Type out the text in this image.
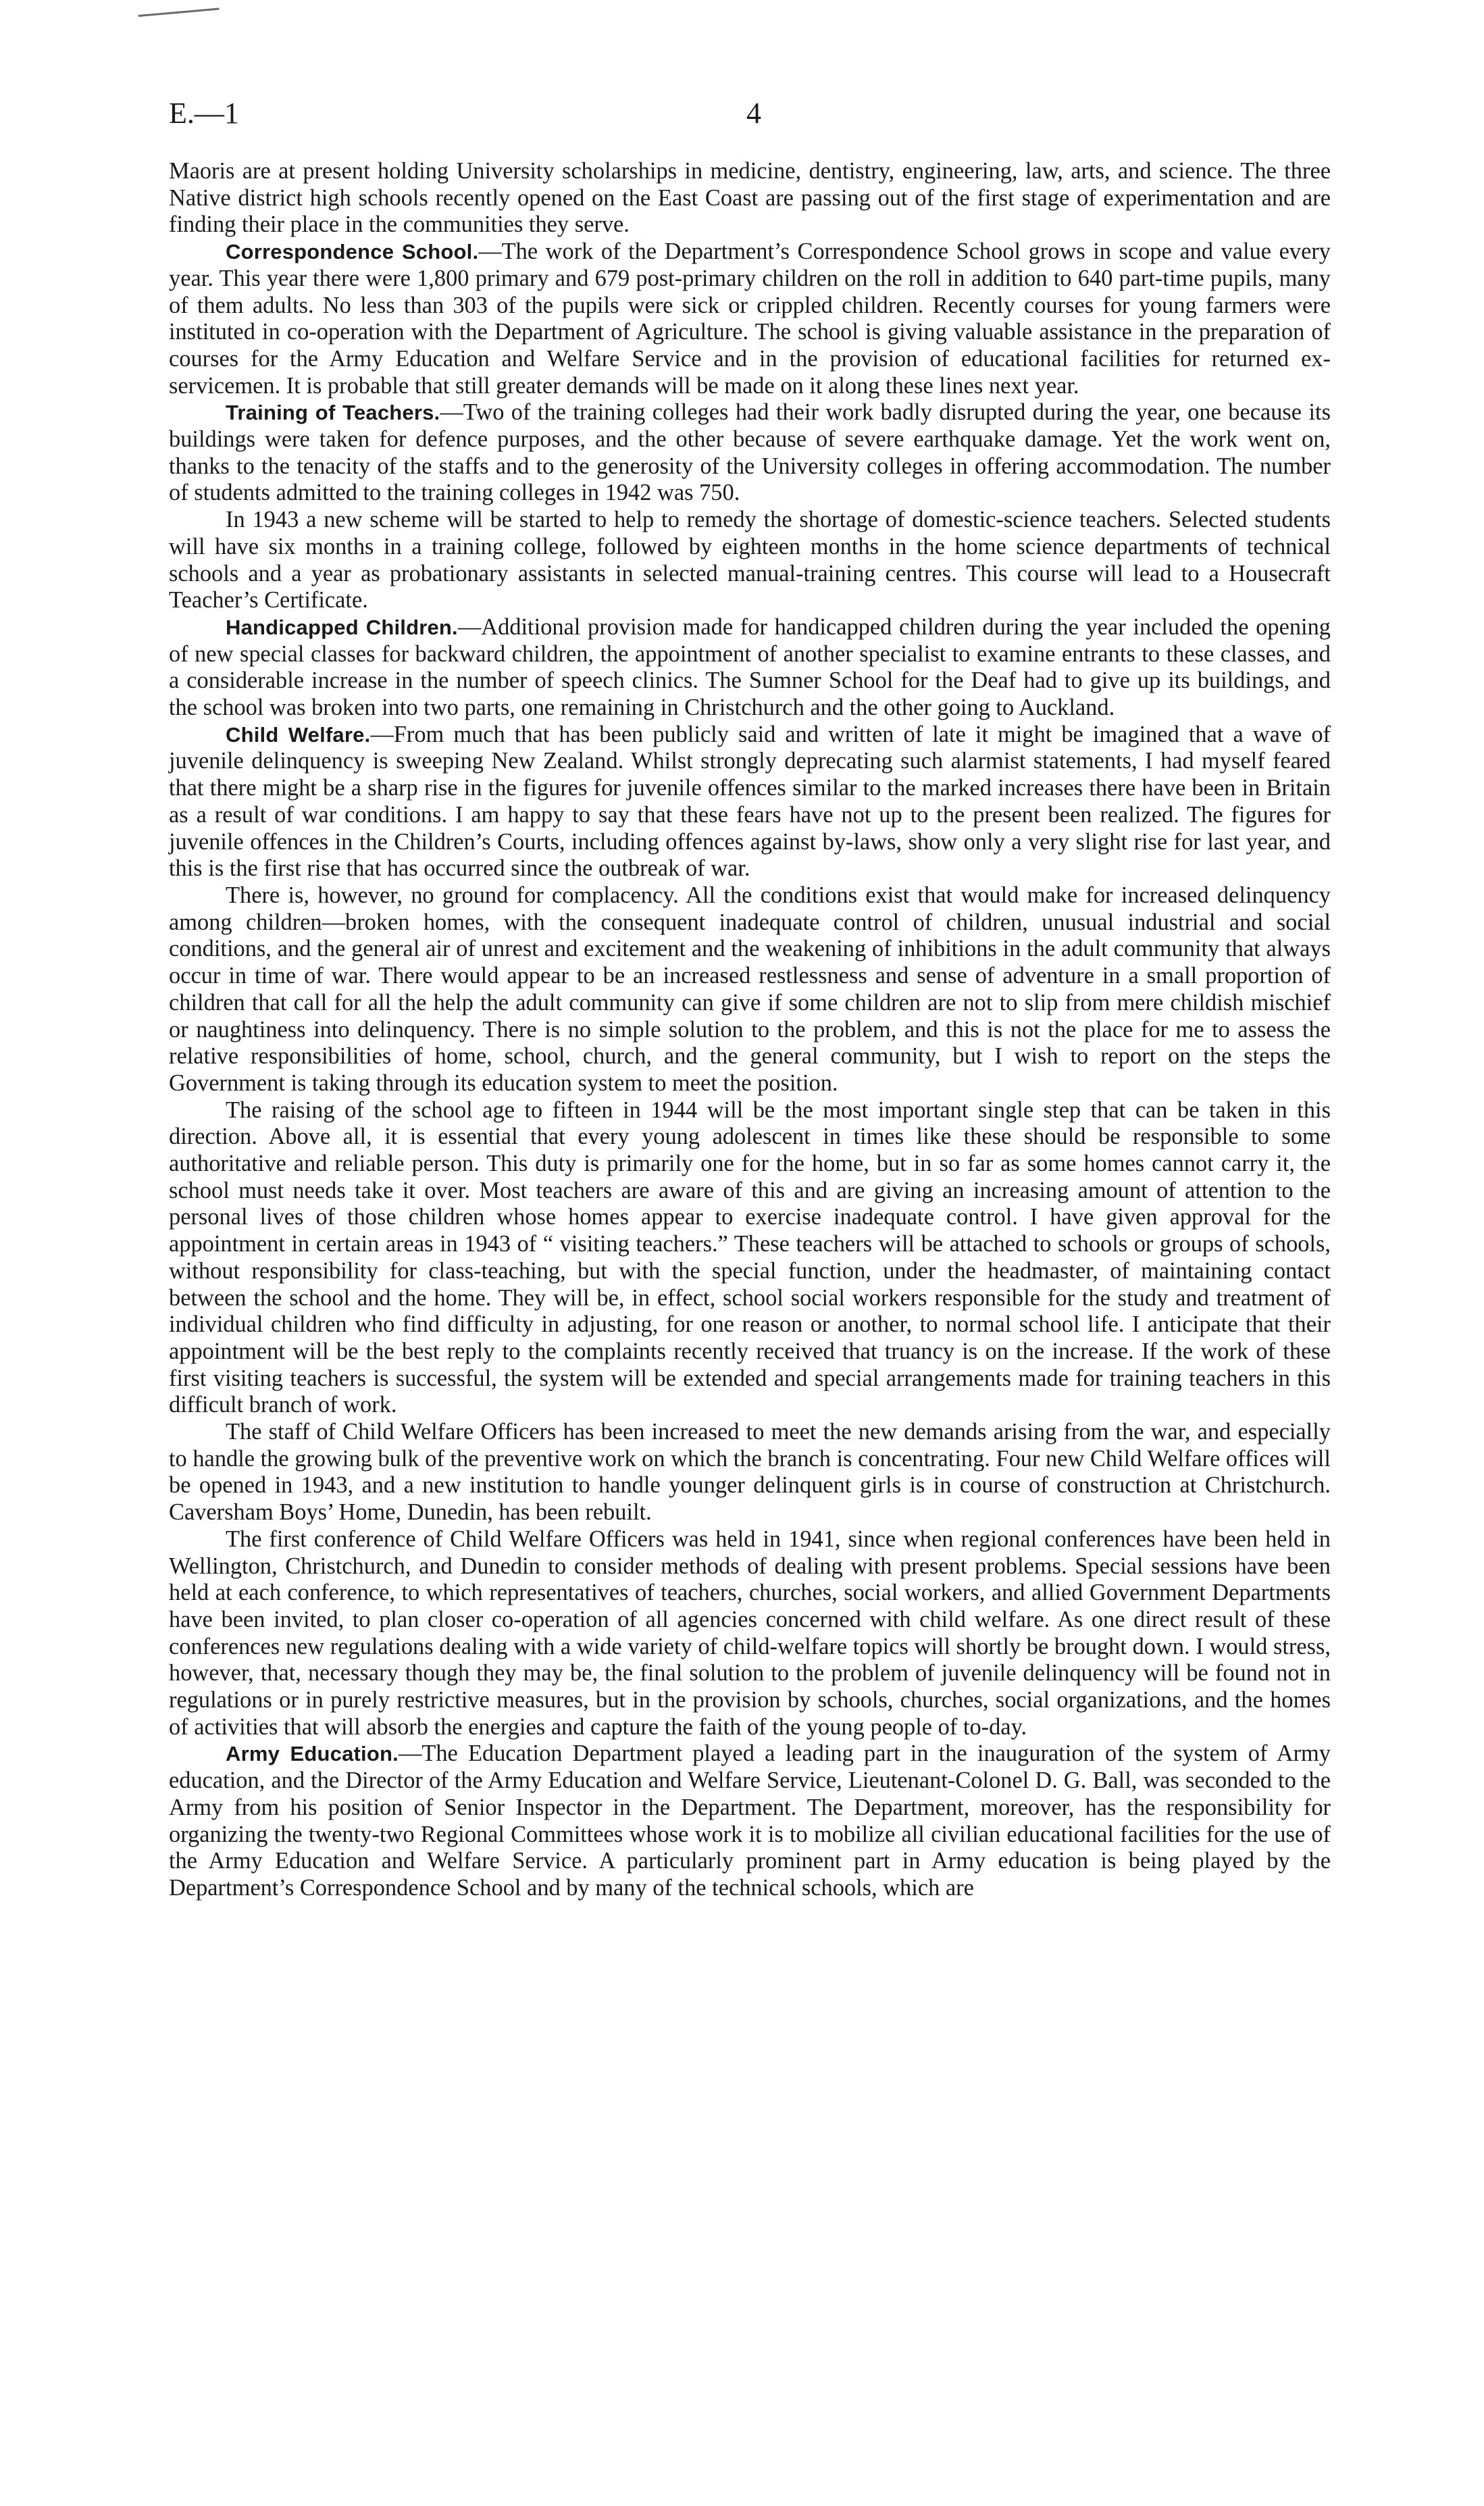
E.—1	4

Maoris are at present holding University scholarships in medicine, dentistry, engineering, law, arts, and science. The three Native district high schools recently opened on the East Coast are passing out of the first stage of experimentation and are finding their place in the communities they serve.

Correspondence School.—The work of the Department’s Correspondence School grows in scope and value every year. This year there were 1,800 primary and 679 post-primary children on the roll in addition to 640 part-time pupils, many of them adults. No less than 303 of the pupils were sick or crippled children. Recently courses for young farmers were instituted in co-operation with the Department of Agriculture. The school is giving valuable assistance in the preparation of courses for the Army Education and Welfare Service and in the provision of educational facilities for returned ex-servicemen. It is probable that still greater demands will be made on it along these lines next year.

Training of Teachers.—Two of the training colleges had their work badly disrupted during the year, one because its buildings were taken for defence purposes, and the other because of severe earthquake damage. Yet the work went on, thanks to the tenacity of the staffs and to the generosity of the University colleges in offering accommodation. The number of students admitted to the training colleges in 1942 was 750.

In 1943 a new scheme will be started to help to remedy the shortage of domestic-science teachers. Selected students will have six months in a training college, followed by eighteen months in the home science departments of technical schools and a year as probationary assistants in selected manual-training centres. This course will lead to a Housecraft Teacher’s Certificate.

Handicapped Children.—Additional provision made for handicapped children during the year included the opening of new special classes for backward children, the appointment of another specialist to examine entrants to these classes, and a considerable increase in the number of speech clinics. The Sumner School for the Deaf had to give up its buildings, and the school was broken into two parts, one remaining in Christchurch and the other going to Auckland.

Child Welfare.—From much that has been publicly said and written of late it might be imagined that a wave of juvenile delinquency is sweeping New Zealand. Whilst strongly deprecating such alarmist statements, I had myself feared that there might be a sharp rise in the figures for juvenile offences similar to the marked increases there have been in Britain as a result of war conditions. I am happy to say that these fears have not up to the present been realized. The figures for juvenile offences in the Children’s Courts, including offences against by-laws, show only a very slight rise for last year, and this is the first rise that has occurred since the outbreak of war.

There is, however, no ground for complacency. All the conditions exist that would make for increased delinquency among children—broken homes, with the consequent inadequate control of children, unusual industrial and social conditions, and the general air of unrest and excitement and the weakening of inhibitions in the adult community that always occur in time of war. There would appear to be an increased restlessness and sense of adventure in a small proportion of children that call for all the help the adult community can give if some children are not to slip from mere childish mischief or naughtiness into delinquency. There is no simple solution to the problem, and this is not the place for me to assess the relative responsibilities of home, school, church, and the general community, but I wish to report on the steps the Government is taking through its education system to meet the position.

The raising of the school age to fifteen in 1944 will be the most important single step that can be taken in this direction. Above all, it is essential that every young adolescent in times like these should be responsible to some authoritative and reliable person. This duty is primarily one for the home, but in so far as some homes cannot carry it, the school must needs take it over. Most teachers are aware of this and are giving an increasing amount of attention to the personal lives of those children whose homes appear to exercise inadequate control. I have given approval for the appointment in certain areas in 1943 of “ visiting teachers.” These teachers will be attached to schools or groups of schools, without responsibility for class-teaching, but with the special function, under the headmaster, of maintaining contact between the school and the home. They will be, in effect, school social workers responsible for the study and treatment of individual children who find difficulty in adjusting, for one reason or another, to normal school life. I anticipate that their appointment will be the best reply to the complaints recently received that truancy is on the increase. If the work of these first visiting teachers is successful, the system will be extended and special arrangements made for training teachers in this difficult branch of work.

The staff of Child Welfare Officers has been increased to meet the new demands arising from the war, and especially to handle the growing bulk of the preventive work on which the branch is concentrating. Four new Child Welfare offices will be opened in 1943, and a new institution to handle younger delinquent girls is in course of construction at Christchurch. Caversham Boys’ Home, Dunedin, has been rebuilt.

The first conference of Child Welfare Officers was held in 1941, since when regional conferences have been held in Wellington, Christchurch, and Dunedin to consider methods of dealing with present problems. Special sessions have been held at each conference, to which representatives of teachers, churches, social workers, and allied Government Departments have been invited, to plan closer co-operation of all agencies concerned with child welfare. As one direct result of these conferences new regulations dealing with a wide variety of child-welfare topics will shortly be brought down. I would stress, however, that, necessary though they may be, the final solution to the problem of juvenile delinquency will be found not in regulations or in purely restrictive measures, but in the provision by schools, churches, social organizations, and the homes of activities that will absorb the energies and capture the faith of the young people of to-day.

Army Education.—The Education Department played a leading part in the inauguration of the system of Army education, and the Director of the Army Education and Welfare Service, Lieutenant-Colonel D. G. Ball, was seconded to the Army from his position of Senior Inspector in the Department. The Department, moreover, has the responsibility for organizing the twenty-two Regional Committees whose work it is to mobilize all civilian educational facilities for the use of the Army Education and Welfare Service. A particularly prominent part in Army education is being played by the Department’s Correspondence School and by many of the technical schools, which are
